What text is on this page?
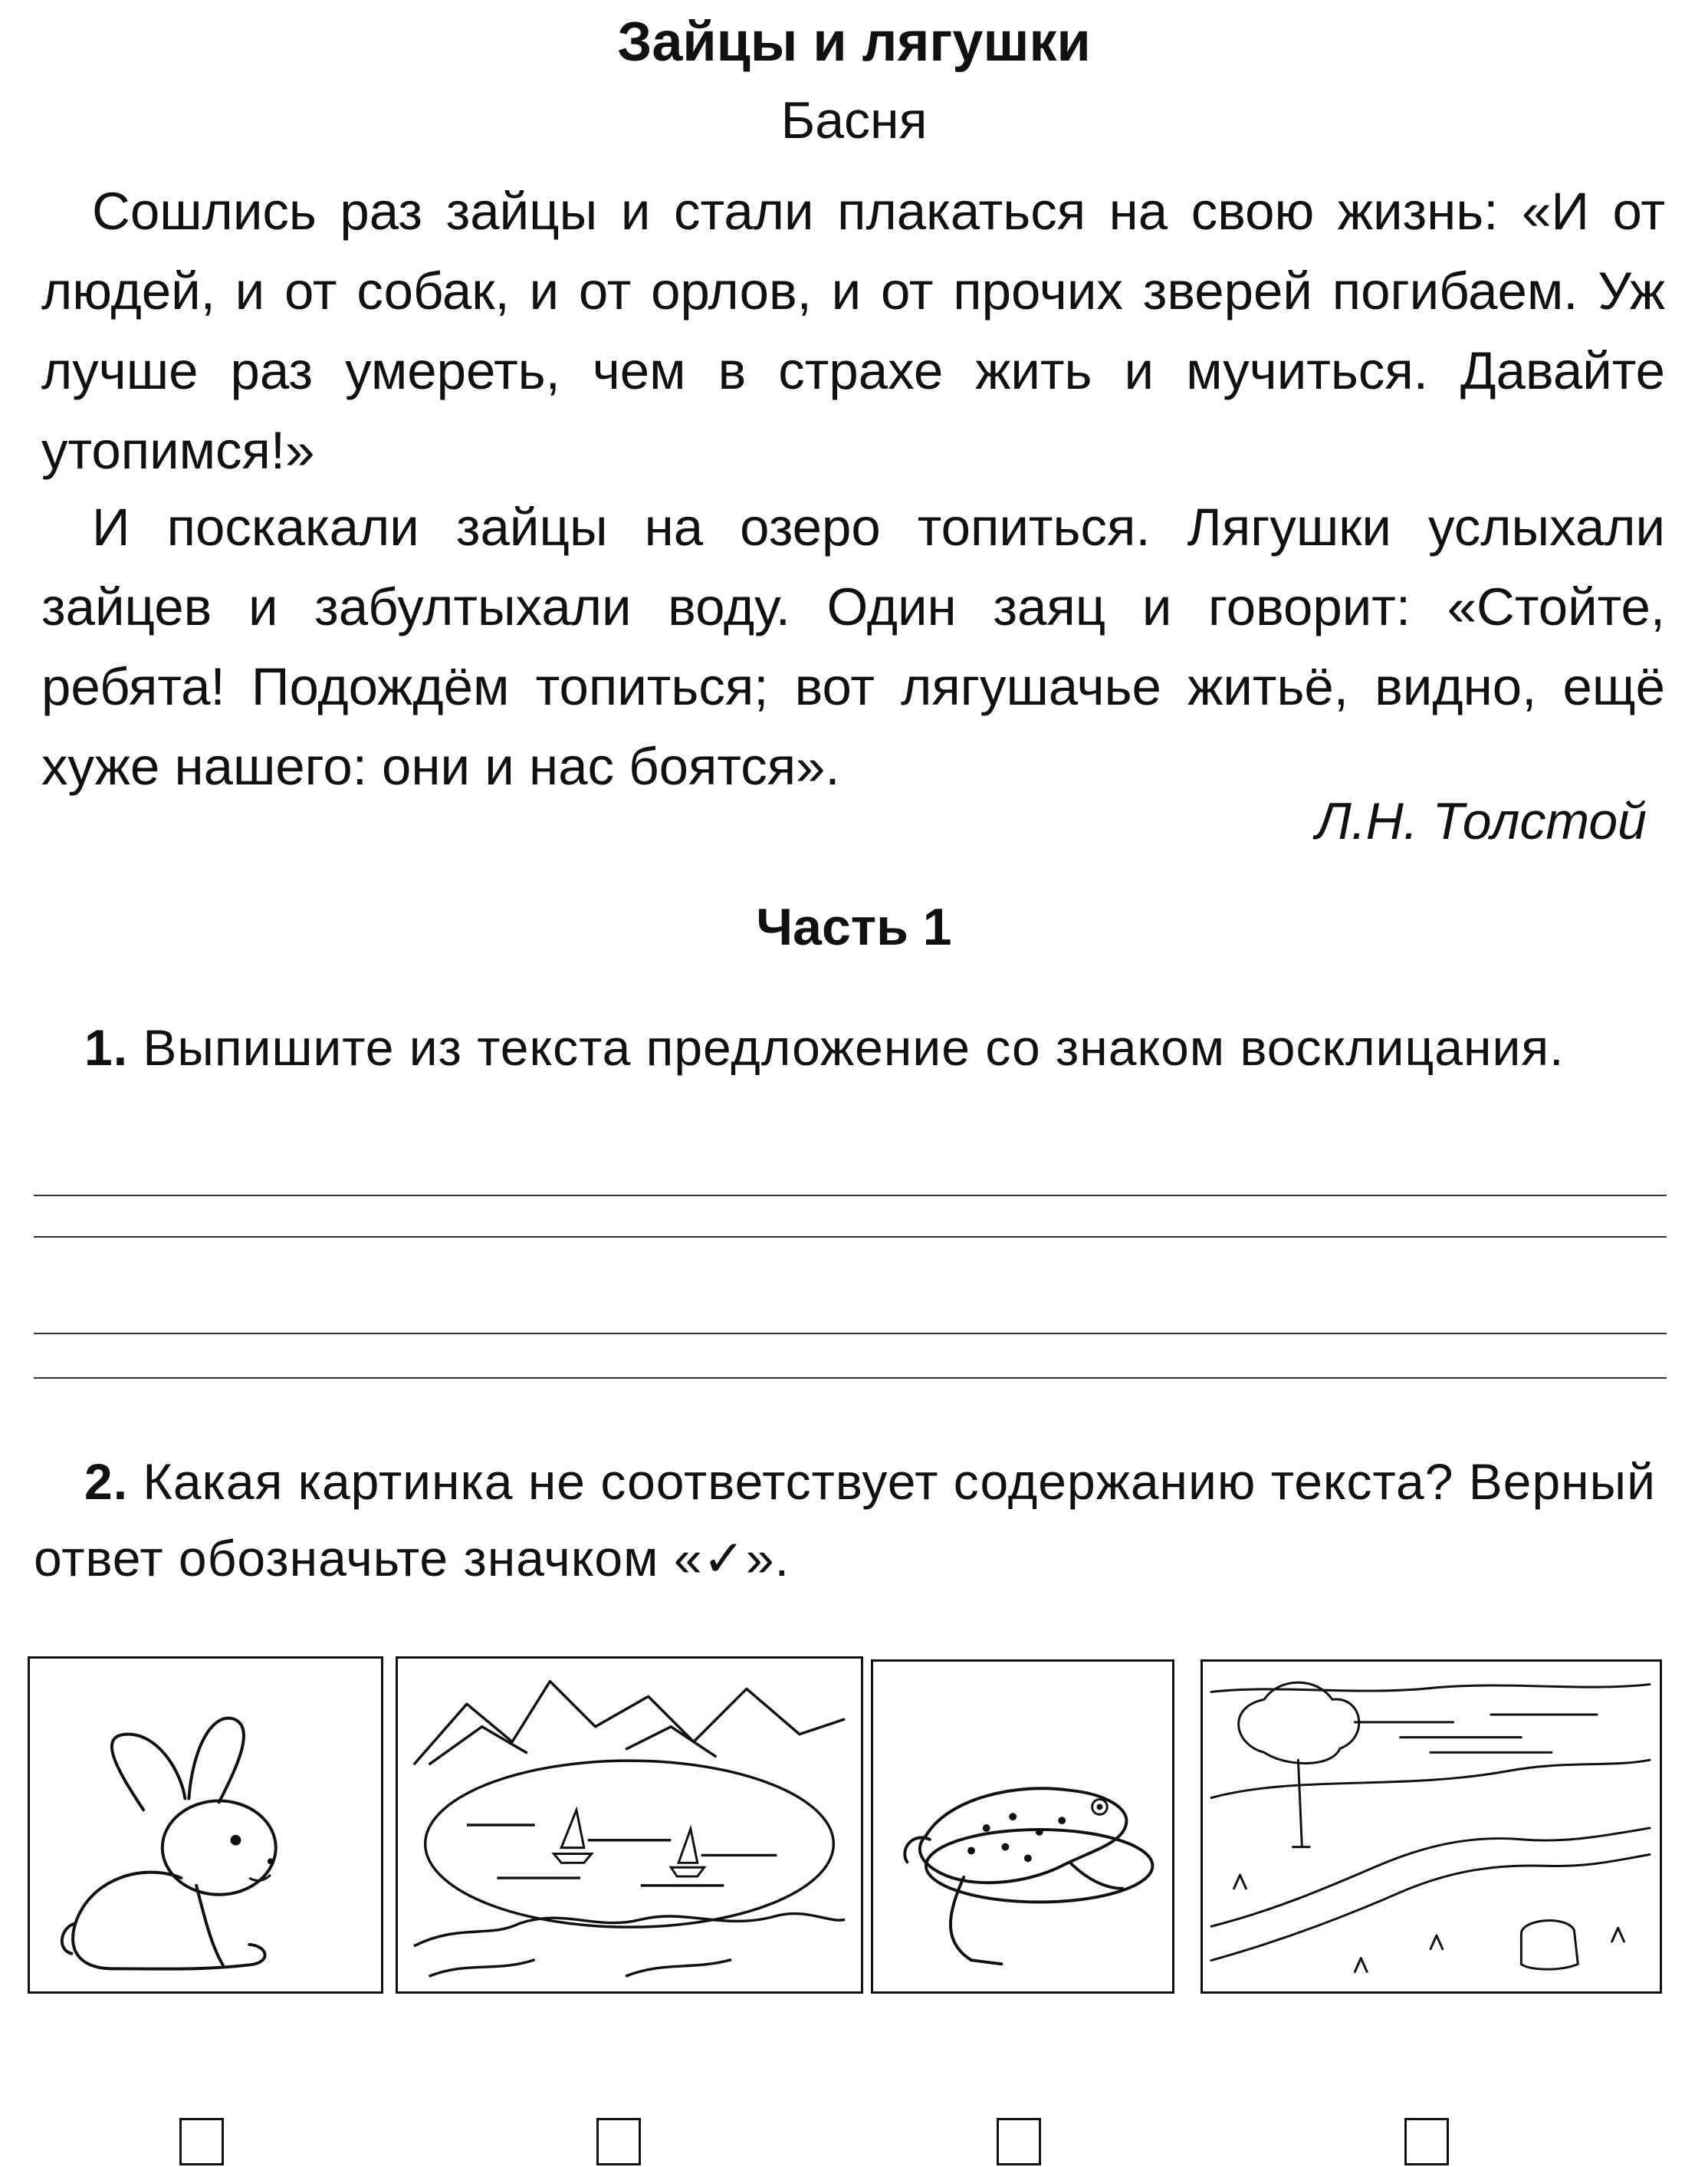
Зайцы и лягушки
Басня
Сошлись раз зайцы и стали плакаться на свою жизнь: «И от людей, и от собак, и от орлов, и от прочих зверей погибаем. Уж лучше раз умереть, чем в страхе жить и мучиться. Давайте утопимся!»
И поскакали зайцы на озеро топиться. Лягушки услыхали зайцев и забултыхали воду. Один заяц и говорит: «Стойте, ребята! Подождём топиться; вот лягушачье житьё, видно, ещё хуже нашего: они и нас боятся».
Л.Н. Толстой
Часть 1
1. Выпишите из текста предложение со знаком восклицания.
2. Какая картинка не соответствует содержанию текста? Верный ответ обозначьте значком «✓».
